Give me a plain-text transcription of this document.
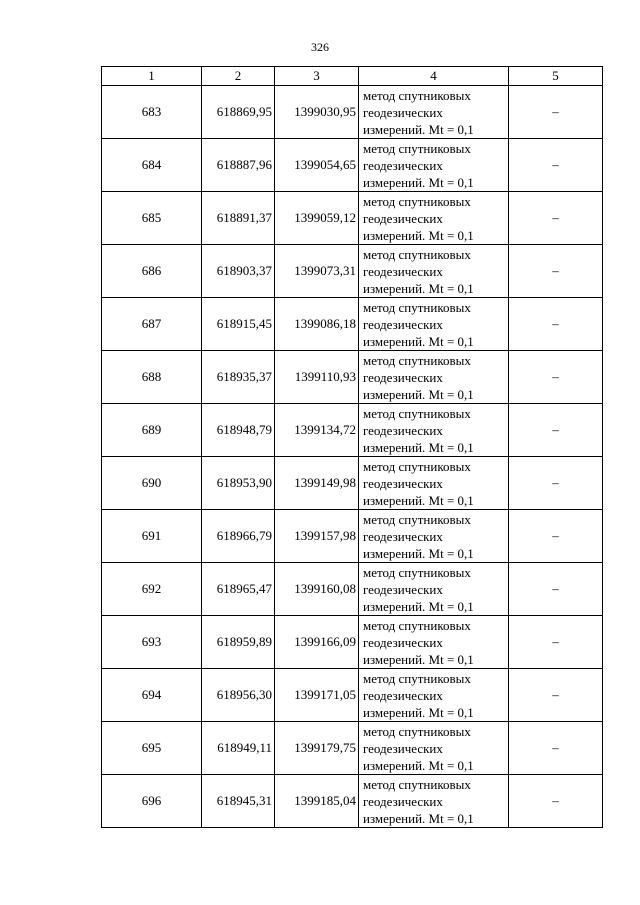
326
1	2	3	4	5
683	618869,95	1399030,95	метод спутниковых геодезических измерений. Mt = 0,1	–
684	618887,96	1399054,65	метод спутниковых геодезических измерений. Mt = 0,1	–
685	618891,37	1399059,12	метод спутниковых геодезических измерений. Mt = 0,1	–
686	618903,37	1399073,31	метод спутниковых геодезических измерений. Mt = 0,1	–
687	618915,45	1399086,18	метод спутниковых геодезических измерений. Mt = 0,1	–
688	618935,37	1399110,93	метод спутниковых геодезических измерений. Mt = 0,1	–
689	618948,79	1399134,72	метод спутниковых геодезических измерений. Mt = 0,1	–
690	618953,90	1399149,98	метод спутниковых геодезических измерений. Mt = 0,1	–
691	618966,79	1399157,98	метод спутниковых геодезических измерений. Mt = 0,1	–
692	618965,47	1399160,08	метод спутниковых геодезических измерений. Mt = 0,1	–
693	618959,89	1399166,09	метод спутниковых геодезических измерений. Mt = 0,1	–
694	618956,30	1399171,05	метод спутниковых геодезических измерений. Mt = 0,1	–
695	618949,11	1399179,75	метод спутниковых геодезических измерений. Mt = 0,1	–
696	618945,31	1399185,04	метод спутниковых геодезических измерений. Mt = 0,1	–
